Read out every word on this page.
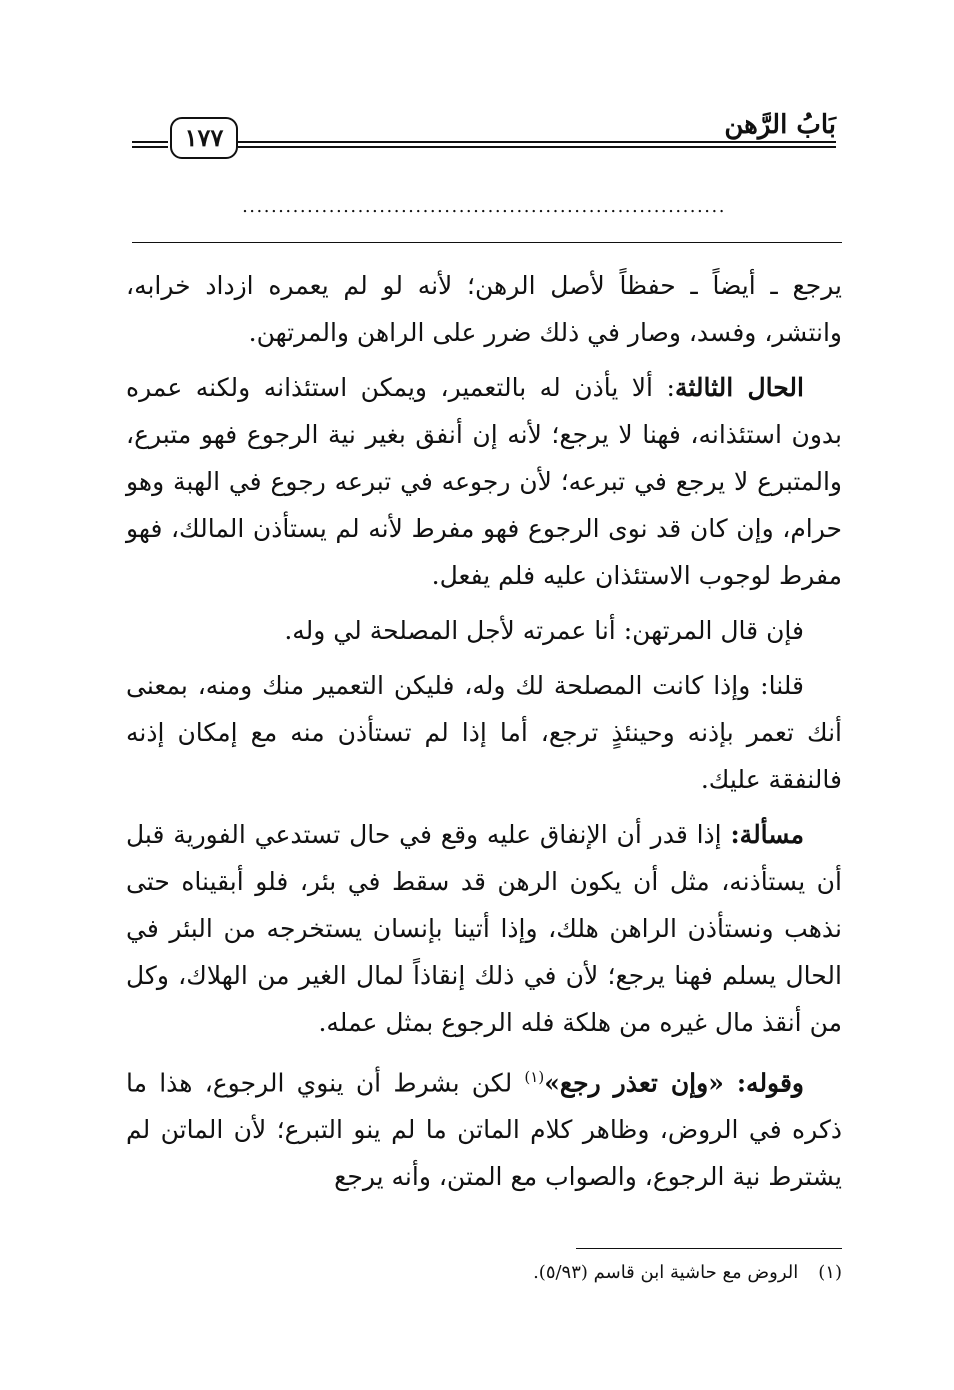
بَابُ الرَّهن
١٧٧
...................................................................

يرجع ـ أيضاً ـ حفظاً لأصل الرهن؛ لأنه لو لم يعمره ازداد خرابه، وانتشر، وفسد، وصار في ذلك ضرر على الراهن والمرتهن.

الحال الثالثة: ألا يأذن له بالتعمير، ويمكن استئذانه ولكنه عمره بدون استئذانه، فهنا لا يرجع؛ لأنه إن أنفق بغير نية الرجوع فهو متبرع، والمتبرع لا يرجع في تبرعه؛ لأن رجوعه في تبرعه رجوع في الهبة وهو حرام، وإن كان قد نوى الرجوع فهو مفرط لأنه لم يستأذن المالك، فهو مفرط لوجوب الاستئذان عليه فلم يفعل.

فإن قال المرتهن: أنا عمرته لأجل المصلحة لي وله.

قلنا: وإذا كانت المصلحة لك وله، فليكن التعمير منك ومنه، بمعنى أنك تعمر بإذنه وحينئذٍ ترجع، أما إذا لم تستأذن منه مع إمكان إذنه فالنفقة عليك.

مسألة: إذا قدر أن الإنفاق عليه وقع في حال تستدعي الفورية قبل أن يستأذنه، مثل أن يكون الرهن قد سقط في بئر، فلو أبقيناه حتى نذهب ونستأذن الراهن هلك، وإذا أتينا بإنسان يستخرجه من البئر في الحال يسلم فهنا يرجع؛ لأن في ذلك إنقاذاً لمال الغير من الهلاك، وكل من أنقذ مال غيره من هلكة فله الرجوع بمثل عمله.

وقوله: «وإن تعذر رجع»$^{(١)}$ لكن بشرط أن ينوي الرجوع، هذا ما ذكره في الروض، وظاهر كلام الماتن ما لم ينو التبرع؛ لأن الماتن لم يشترط نية الرجوع، والصواب مع المتن، وأنه يرجع

(١)الروض مع حاشية ابن قاسم (٥/٩٣).
